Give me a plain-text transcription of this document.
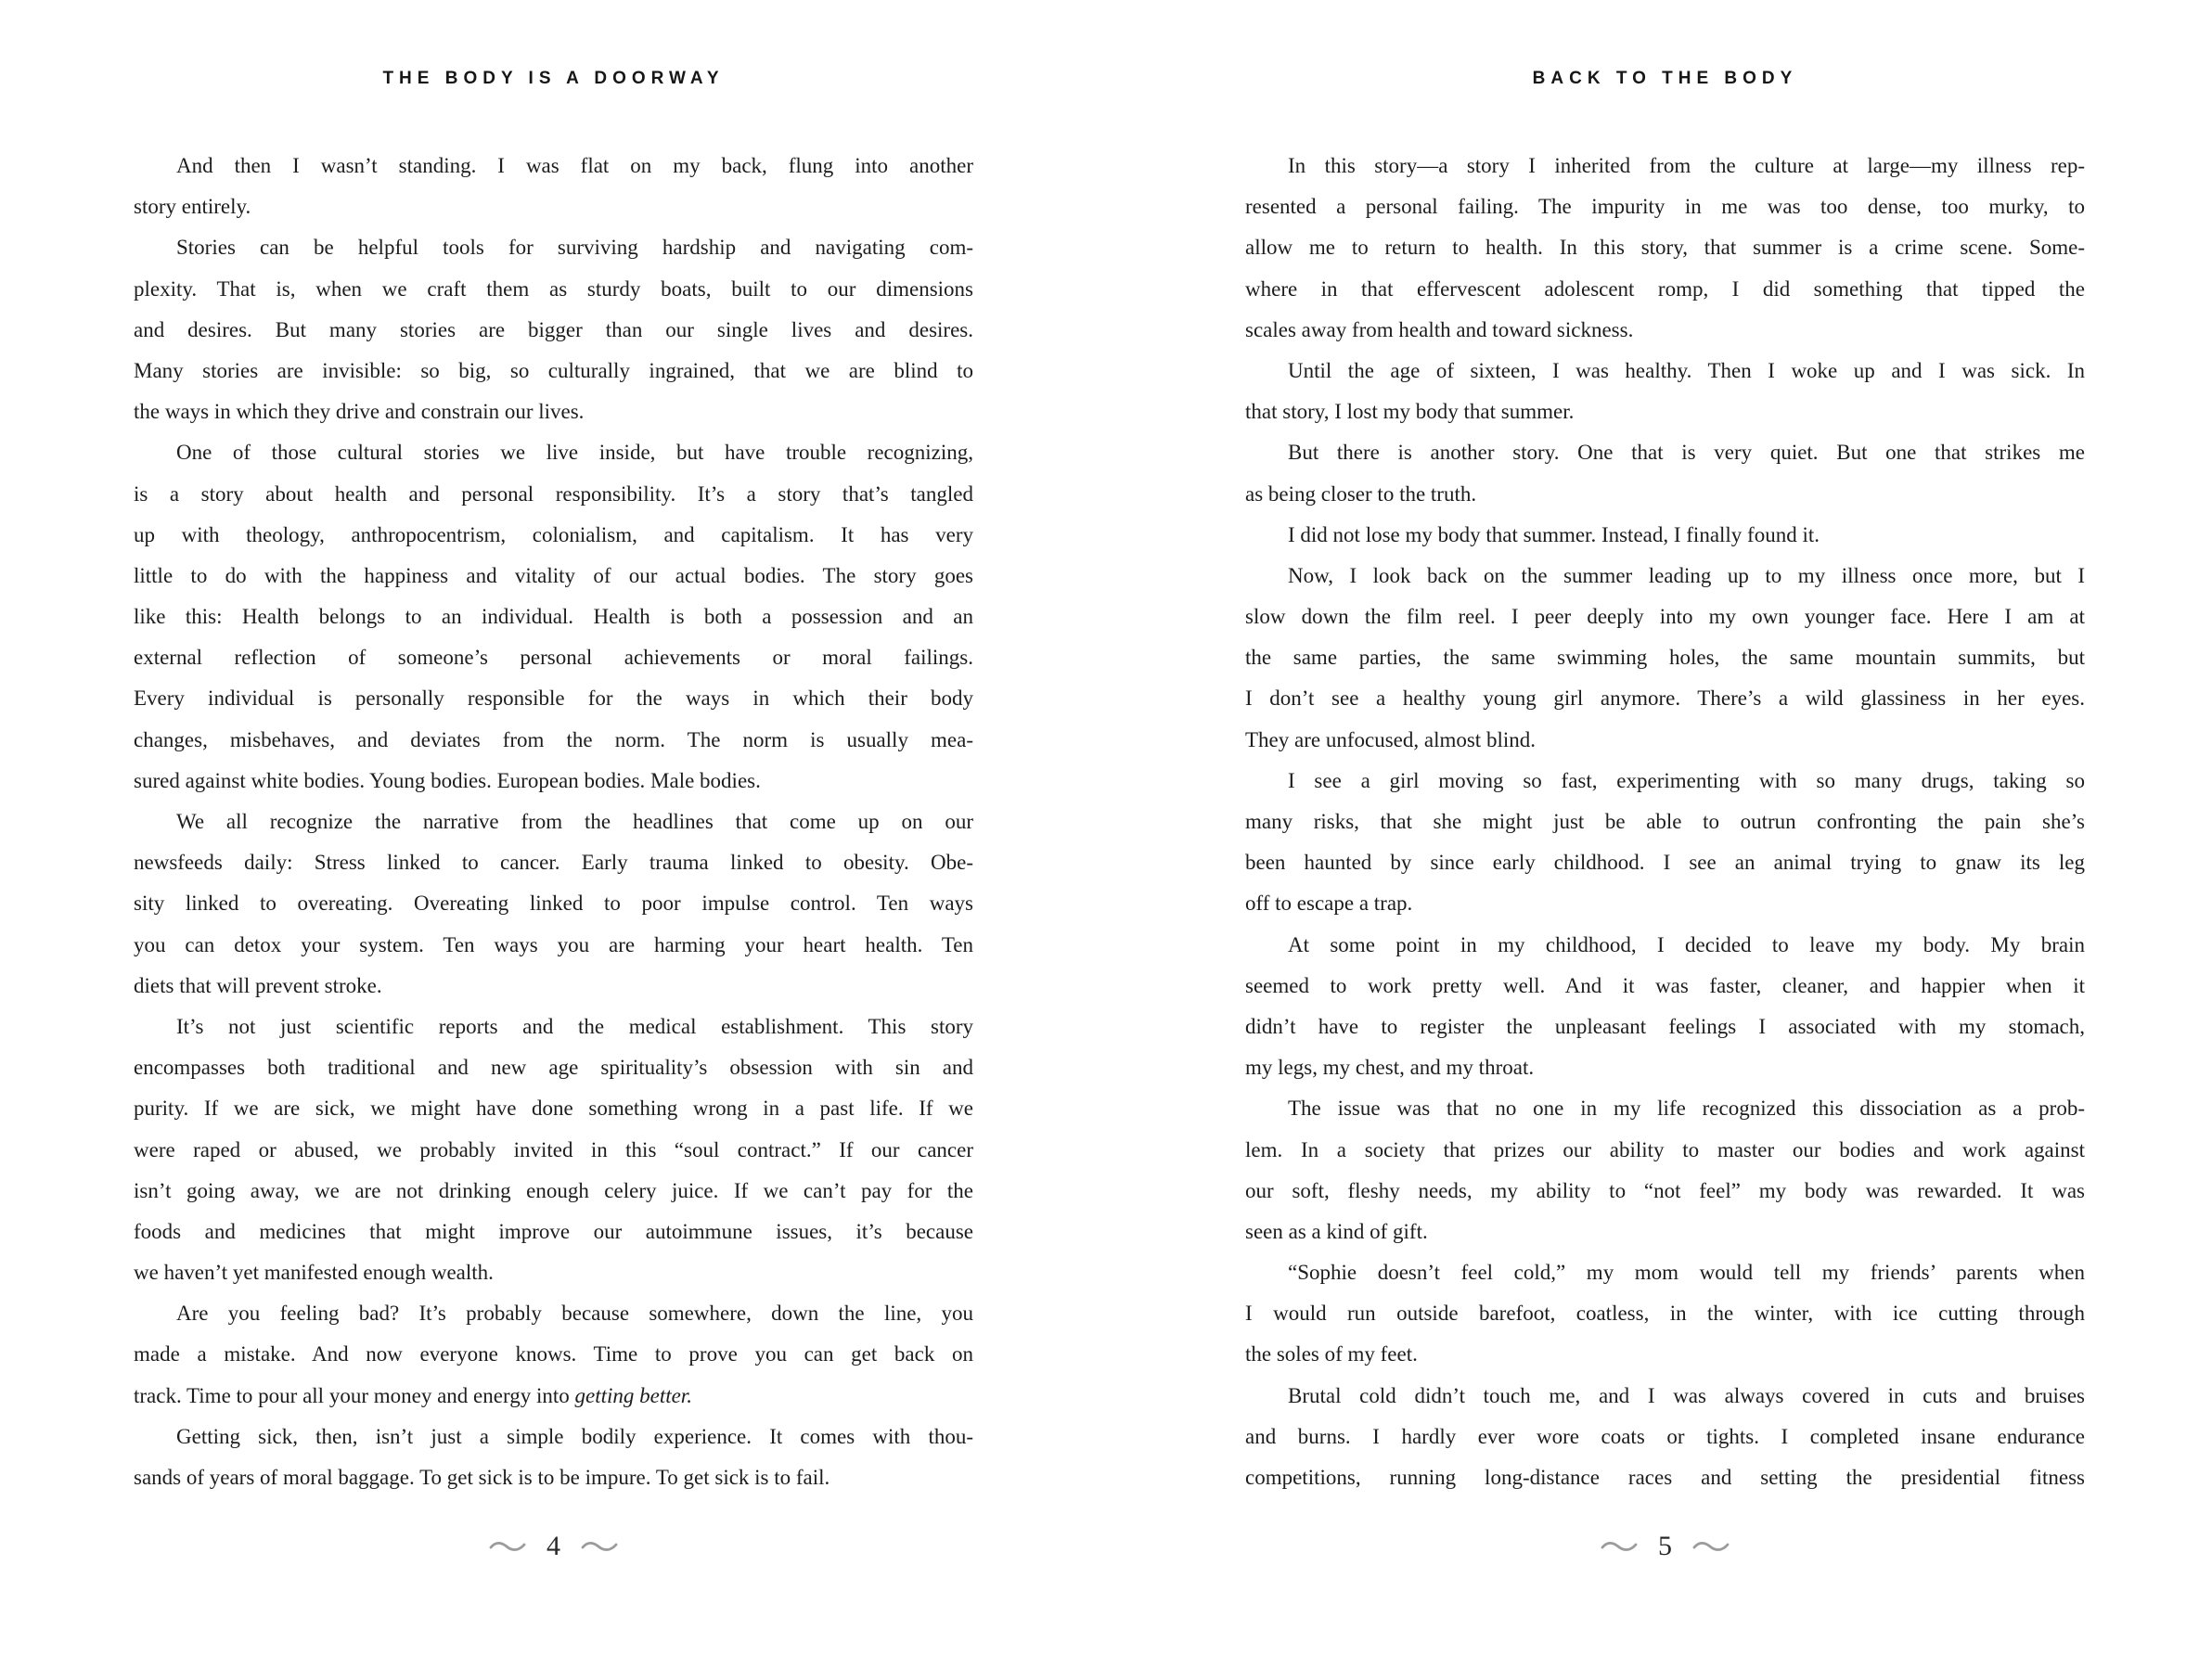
THE BODY IS A DOORWAY
And then I wasn’t standing. I was flat on my back, flung into another
story entirely.
Stories can be helpful tools for surviving hardship and navigating com-
plexity. That is, when we craft them as sturdy boats, built to our dimensions
and desires. But many stories are bigger than our single lives and desires.
Many stories are invisible: so big, so culturally ingrained, that we are blind to
the ways in which they drive and constrain our lives.
One of those cultural stories we live inside, but have trouble recognizing,
is a story about health and personal responsibility. It’s a story that’s tangled
up with theology, anthropocentrism, colonialism, and capitalism. It has very
little to do with the happiness and vitality of our actual bodies. The story goes
like this: Health belongs to an individual. Health is both a possession and an
external reflection of someone’s personal achievements or moral failings.
Every individual is personally responsible for the ways in which their body
changes, misbehaves, and deviates from the norm. The norm is usually mea-
sured against white bodies. Young bodies. European bodies. Male bodies.
We all recognize the narrative from the headlines that come up on our
newsfeeds daily: Stress linked to cancer. Early trauma linked to obesity. Obe-
sity linked to overeating. Overeating linked to poor impulse control. Ten ways
you can detox your system. Ten ways you are harming your heart health. Ten
diets that will prevent stroke.
It’s not just scientific reports and the medical establishment. This story
encompasses both traditional and new age spirituality’s obsession with sin and
purity. If we are sick, we might have done something wrong in a past life. If we
were raped or abused, we probably invited in this “soul contract.” If our cancer
isn’t going away, we are not drinking enough celery juice. If we can’t pay for the
foods and medicines that might improve our autoimmune issues, it’s because
we haven’t yet manifested enough wealth.
Are you feeling bad? It’s probably because somewhere, down the line, you
made a mistake. And now everyone knows. Time to prove you can get back on
track. Time to pour all your money and energy into getting better.
Getting sick, then, isn’t just a simple bodily experience. It comes with thou-
sands of years of moral baggage. To get sick is to be impure. To get sick is to fail.
4
BACK TO THE BODY
In this story—a story I inherited from the culture at large—my illness rep-
resented a personal failing. The impurity in me was too dense, too murky, to
allow me to return to health. In this story, that summer is a crime scene. Some-
where in that effervescent adolescent romp, I did something that tipped the
scales away from health and toward sickness.
Until the age of sixteen, I was healthy. Then I woke up and I was sick. In
that story, I lost my body that summer.
But there is another story. One that is very quiet. But one that strikes me
as being closer to the truth.
I did not lose my body that summer. Instead, I finally found it.
Now, I look back on the summer leading up to my illness once more, but I
slow down the film reel. I peer deeply into my own younger face. Here I am at
the same parties, the same swimming holes, the same mountain summits, but
I don’t see a healthy young girl anymore. There’s a wild glassiness in her eyes.
They are unfocused, almost blind.
I see a girl moving so fast, experimenting with so many drugs, taking so
many risks, that she might just be able to outrun confronting the pain she’s
been haunted by since early childhood. I see an animal trying to gnaw its leg
off to escape a trap.
At some point in my childhood, I decided to leave my body. My brain
seemed to work pretty well. And it was faster, cleaner, and happier when it
didn’t have to register the unpleasant feelings I associated with my stomach,
my legs, my chest, and my throat.
The issue was that no one in my life recognized this dissociation as a prob-
lem. In a society that prizes our ability to master our bodies and work against
our soft, fleshy needs, my ability to “not feel” my body was rewarded. It was
seen as a kind of gift.
“Sophie doesn’t feel cold,” my mom would tell my friends’ parents when
I would run outside barefoot, coatless, in the winter, with ice cutting through
the soles of my feet.
Brutal cold didn’t touch me, and I was always covered in cuts and bruises
and burns. I hardly ever wore coats or tights. I completed insane endurance
competitions, running long-distance races and setting the presidential fitness
5
